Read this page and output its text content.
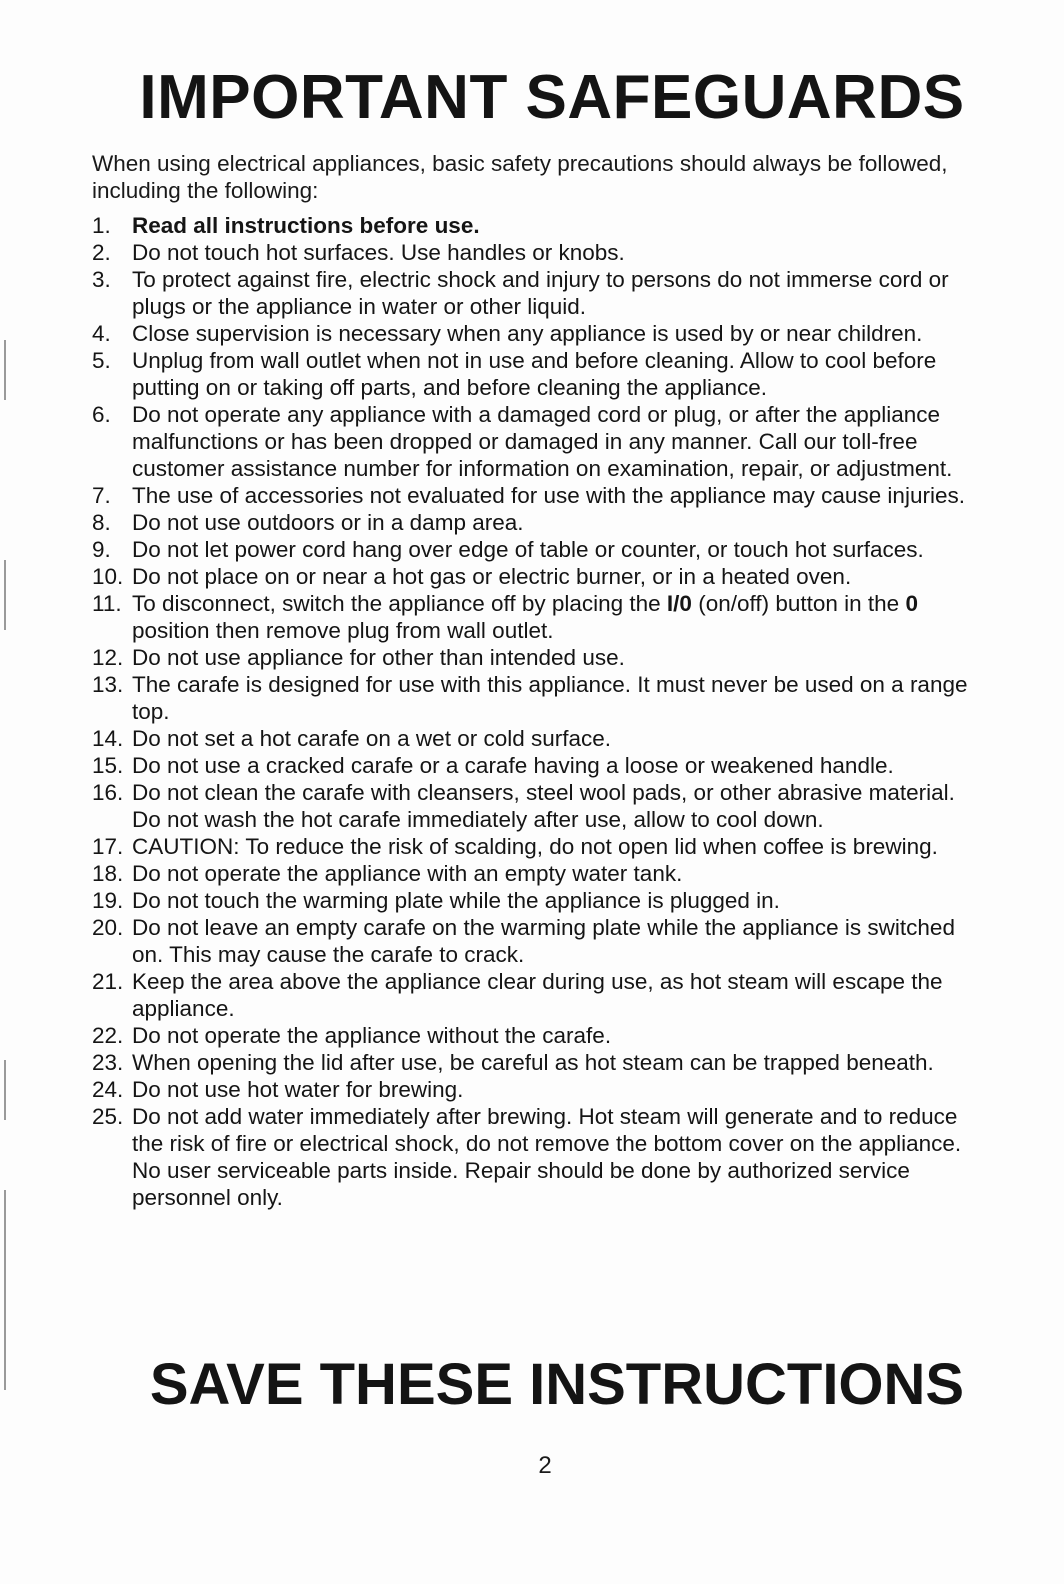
IMPORTANT SAFEGUARDS

When using electrical appliances, basic safety precautions should always be followed, including the following:

1. Read all instructions before use.
2. Do not touch hot surfaces. Use handles or knobs.
3. To protect against fire, electric shock and injury to persons do not immerse cord or plugs or the appliance in water or other liquid.
4. Close supervision is necessary when any appliance is used by or near children.
5. Unplug from wall outlet when not in use and before cleaning. Allow to cool before putting on or taking off parts, and before cleaning the appliance.
6. Do not operate any appliance with a damaged cord or plug, or after the appliance malfunctions or has been dropped or damaged in any manner. Call our toll-free customer assistance number for information on examination, repair, or adjustment.
7. The use of accessories not evaluated for use with the appliance may cause injuries.
8. Do not use outdoors or in a damp area.
9. Do not let power cord hang over edge of table or counter, or touch hot surfaces.
10. Do not place on or near a hot gas or electric burner, or in a heated oven.
11. To disconnect, switch the appliance off by placing the I/0 (on/off) button in the 0 position then remove plug from wall outlet.
12. Do not use appliance for other than intended use.
13. The carafe is designed for use with this appliance. It must never be used on a range top.
14. Do not set a hot carafe on a wet or cold surface.
15. Do not use a cracked carafe or a carafe having a loose or weakened handle.
16. Do not clean the carafe with cleansers, steel wool pads, or other abrasive material. Do not wash the hot carafe immediately after use, allow to cool down.
17. CAUTION: To reduce the risk of scalding, do not open lid when coffee is brewing.
18. Do not operate the appliance with an empty water tank.
19. Do not touch the warming plate while the appliance is plugged in.
20. Do not leave an empty carafe on the warming plate while the appliance is switched on. This may cause the carafe to crack.
21. Keep the area above the appliance clear during use, as hot steam will escape the appliance.
22. Do not operate the appliance without the carafe.
23. When opening the lid after use, be careful as hot steam can be trapped beneath.
24. Do not use hot water for brewing.
25. Do not add water immediately after brewing. Hot steam will generate and to reduce the risk of fire or electrical shock, do not remove the bottom cover on the appliance. No user serviceable parts inside. Repair should be done by authorized service personnel only.
SAVE THESE INSTRUCTIONS
2
